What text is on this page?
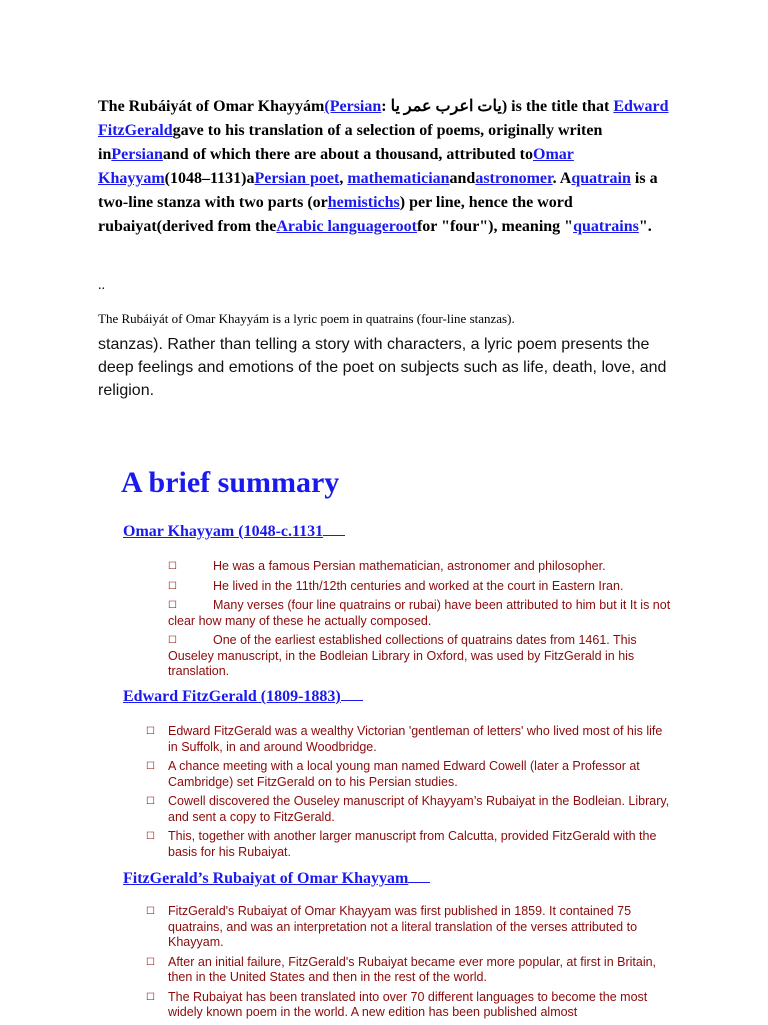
The Rubáiyát of Omar Khayyám(Persian: یات اعرب عمر یا) is the title that Edward FitzGeraldgave to his translation of a selection of poems, originally writen inPersianand of which there are about a thousand, attributed toOmar Khayyam(1048–1131)aPersian poet, mathematicianandastronomer. Aquatrain is a two-line stanza with two parts (orhemistichs) per line, hence the word rubaiyat(derived from theArabic languagerootfor "four"), meaning "quatrains".
..
The Rubáiyát of Omar Khayyám is a lyric poem in quatrains (four-line stanzas).
stanzas). Rather than telling a story with characters, a lyric poem presents the deep feelings and emotions of the poet on subjects such as life, death, love, and religion.
A brief summary
Omar Khayyam (1048-c.1131
☐	He was a famous Persian mathematician, astronomer and philosopher.
☐	He lived in the 11th/12th centuries and worked at the court in Eastern Iran.
☐	Many verses (four line quatrains or rubai) have been attributed to him but it It is not clear how many of these he actually composed.
☐	One of the earliest established collections of quatrains dates from 1461. This Ouseley manuscript, in the Bodleian Library in Oxford, was used by FitzGerald in his translation.
Edward FitzGerald (1809-1883)
☐ Edward FitzGerald was a wealthy Victorian 'gentleman of letters' who lived most of his life in Suffolk, in and around Woodbridge.
☐ A chance meeting with a local young man named Edward Cowell (later a Professor at Cambridge) set FitzGerald on to his Persian studies.
☐ Cowell discovered the Ouseley manuscript of Khayyam’s Rubaiyat in the Bodleian. Library, and sent a copy to FitzGerald.
☐ This, together with another larger manuscript from Calcutta, provided FitzGerald with the basis for his Rubaiyat.
FitzGerald’s Rubaiyat of Omar Khayyam
☐ FitzGerald's Rubaiyat of Omar Khayyam was first published in 1859. It contained 75 quatrains, and was an interpretation not a literal translation of the verses attributed to Khayyam.
☐ After an initial failure, FitzGerald's Rubaiyat became ever more popular, at first in Britain, then in the United States and then in the rest of the world.
☐ The Rubaiyat has been translated into over 70 different languages to become the most widely known poem in the world. A new edition has been published almost
